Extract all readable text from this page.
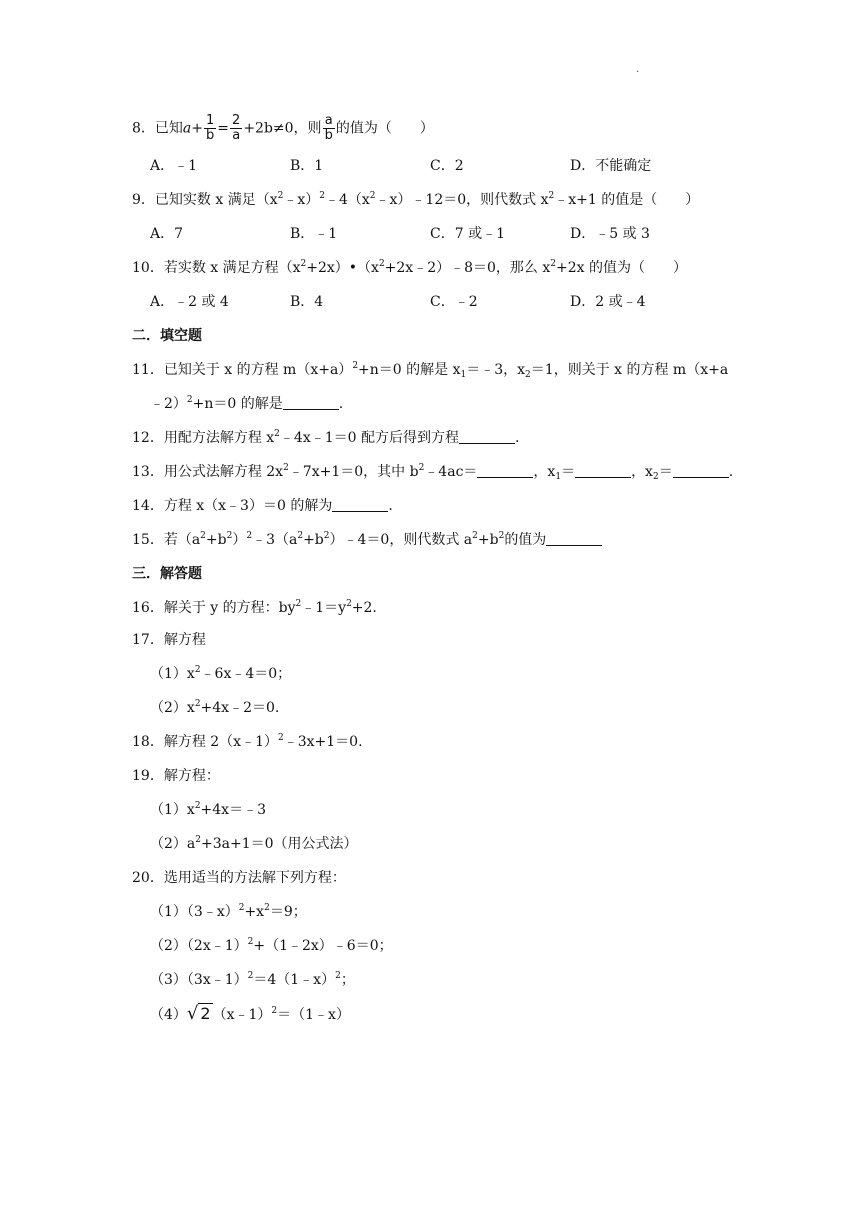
.
8．已知$a+ \frac{1}{b} = \frac{2}{a} +2b\ne 0$，则 $\frac{a}{b}$ 的值为（　　）
A．﹣1	B．1	C．2	D．不能确定
9．已知实数 x 满足$(x^2﹣x)^2﹣4(x^2﹣x)﹣12=0$，则代数式 $x^2﹣x+1$ 的值是（　　）
A．7	B．﹣1	C．7 或﹣1	D．﹣5 或 3
10．若实数 x 满足方程$(x^2+2x)•(x^2+2x﹣2)﹣8=0$，那么 $x^2+2x$ 的值为（　　）
A．﹣2 或 4	B．4	C．﹣2	D．2 或﹣4
二．填空题
11．已知关于 x 的方程 $m(x+a)^2+n=0$ 的解是 $x_1=﹣3$，$x_2=1$，则关于 x 的方程 m（x+a
﹣2）$^2$+n＝0 的解是	.
12．用配方法解方程 $x^2﹣4x﹣1=0$ 配方后得到方程	.
13．用公式法解方程 $2x^2﹣7x+1=0$，其中 $b^2﹣4ac=$	，$x_1=$	，$x_2=$	.
14．方程 x（x﹣3）＝0 的解为	.
15．若$(a^2+b^2)^2﹣3(a^2+b^2)﹣4=0$，则代数式 $a^2+b^2$的值为
三．解答题
16．解关于 y 的方程：$by^2﹣1=y^2+2$.
17．解方程
$(1)x^2﹣6x﹣4=0$；
$(2)x^2+4x﹣2=0$.
18．解方程 2（x﹣1）$^2$﹣3x+1＝0.
19．解方程：
$(1)x^2+4x=﹣3$
$(2)a^2+3a+1=0$（用公式法）
20．选用适当的方法解下列方程：
$(1)(3﹣x)^2+x^2=9$；
（2）（2x﹣1）$^2$+（1﹣2x）﹣6＝0；
（3）（3x﹣1）$^2$＝4（1﹣x）$^2$；
（4）√ 2 （x﹣1）$^2$＝（1﹣x）
